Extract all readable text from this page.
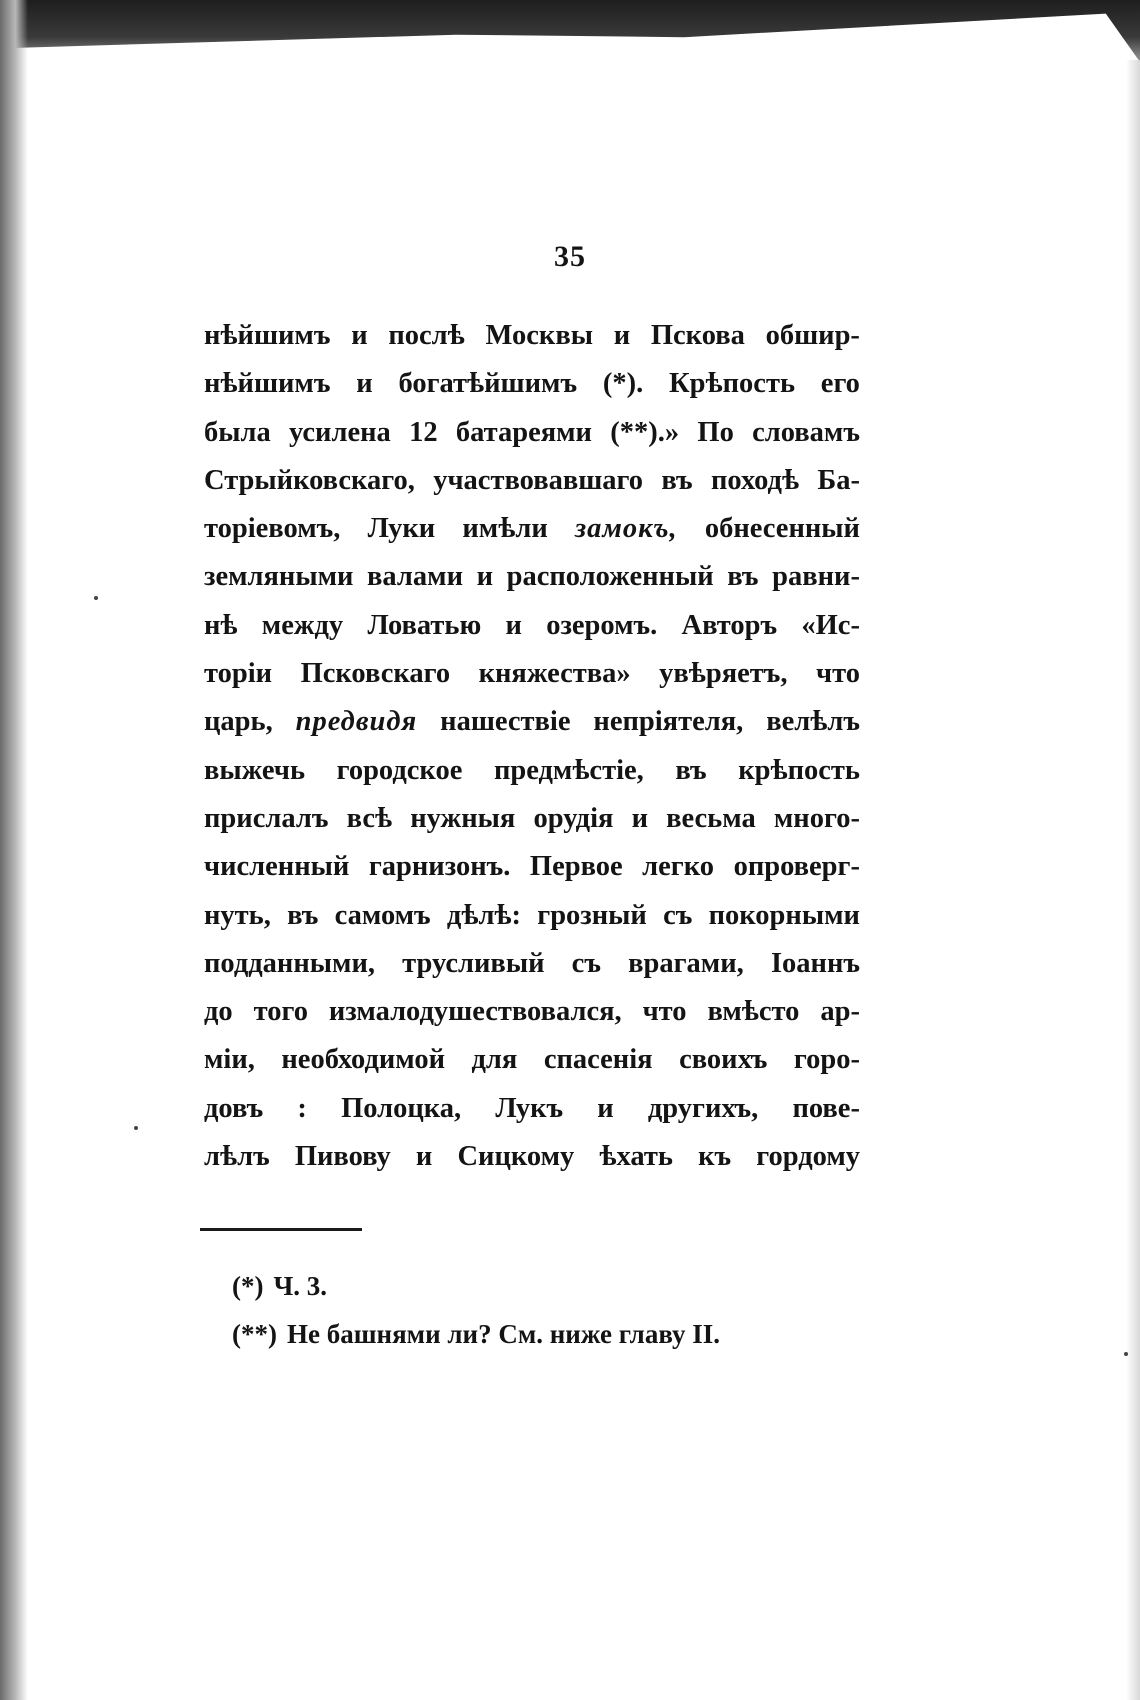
35
нѣйшимъ и послѣ Москвы и Пскова обшир-
нѣйшимъ и богатѣйшимъ (*). Крѣпость его
была усилена 12 батареями (**).» По словамъ
Стрыйковскаго, участвовавшаго въ походѣ Ба-
торіевомъ, Луки имѣли замокъ, обнесенный
земляными валами и расположенный въ равни-
нѣ между Ловатью и озеромъ. Авторъ «Ис-
торіи Псковскаго княжества» увѣряетъ, что
царь, предвидя нашествіе непріятеля, велѣлъ
выжечь городское предмѣстіе, въ крѣпость
прислалъ всѣ нужныя орудія и весьма много-
численный гарнизонъ. Первое легко опроверг-
нуть, въ самомъ дѣлѣ: грозный съ покорными
подданными, трусливый съ врагами, Іоаннъ
до того измалодушествовался, что вмѣсто ар-
міи, необходимой для спасенія своихъ горо-
довъ : Полоцка, Лукъ и другихъ, пове-
лѣлъ Пивову и Сицкому ѣхать къ гордому
(*) Ч. 3.
(**) Не башнями ли? См. ниже главу II.
